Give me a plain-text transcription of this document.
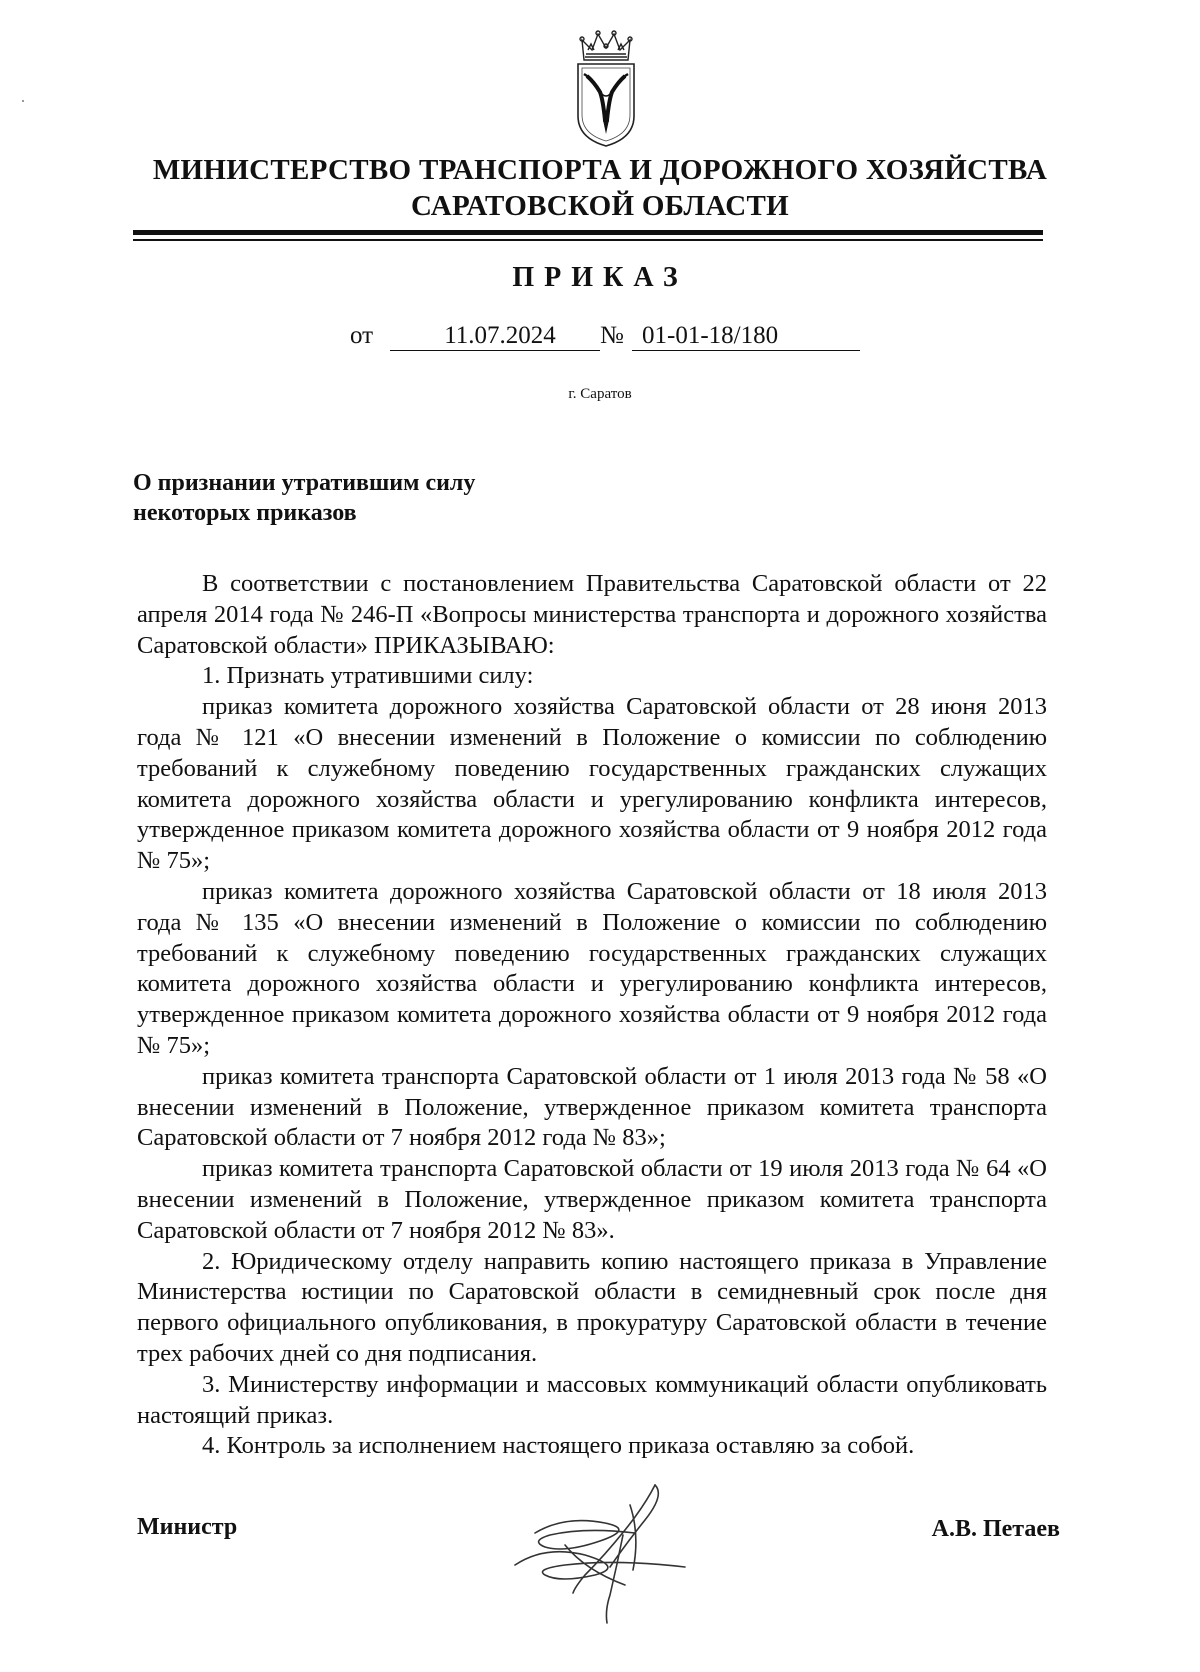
МИНИСТЕРСТВО ТРАНСПОРТА И ДОРОЖНОГО ХОЗЯЙСТВА
САРАТОВСКОЙ ОБЛАСТИ
ПРИКАЗ
от	11.07.2024	№ 01-01-18/180
г. Саратов
О признании утратившим силу
некоторых приказов

В соответствии с постановлением Правительства Саратовской области от 22 апреля 2014 года № 246-П «Вопросы министерства транспорта и дорожного хозяйства Саратовской области» ПРИКАЗЫВАЮ:

1. Признать утратившими силу:

приказ комитета дорожного хозяйства Саратовской области от 28 июня 2013 года № 121 «О внесении изменений в Положение о комиссии по соблюдению требований к служебному поведению государственных гражданских служащих комитета дорожного хозяйства области и урегулированию конфликта интересов, утвержденное приказом комитета дорожного хозяйства области от 9 ноября 2012 года № 75»;

приказ комитета дорожного хозяйства Саратовской области от 18 июля 2013 года № 135 «О внесении изменений в Положение о комиссии по соблюдению требований к служебному поведению государственных гражданских служащих комитета дорожного хозяйства области и урегулированию конфликта интересов, утвержденное приказом комитета дорожного хозяйства области от 9 ноября 2012 года № 75»;

приказ комитета транспорта Саратовской области от 1 июля 2013 года № 58 «О внесении изменений в Положение, утвержденное приказом комитета транспорта Саратовской области от 7 ноября 2012 года № 83»;

приказ комитета транспорта Саратовской области от 19 июля 2013 года № 64 «О внесении изменений в Положение, утвержденное приказом комитета транспорта Саратовской области от 7 ноября 2012 № 83».

2. Юридическому отделу направить копию настоящего приказа в Управление Министерства юстиции по Саратовской области в семидневный срок после дня первого официального опубликования, в прокуратуру Саратовской области в течение трех рабочих дней со дня подписания.

3. Министерству информации и массовых коммуникаций области опубликовать настоящий приказ.

4. Контроль за исполнением настоящего приказа оставляю за собой.

Министр	А.В. Петаев
